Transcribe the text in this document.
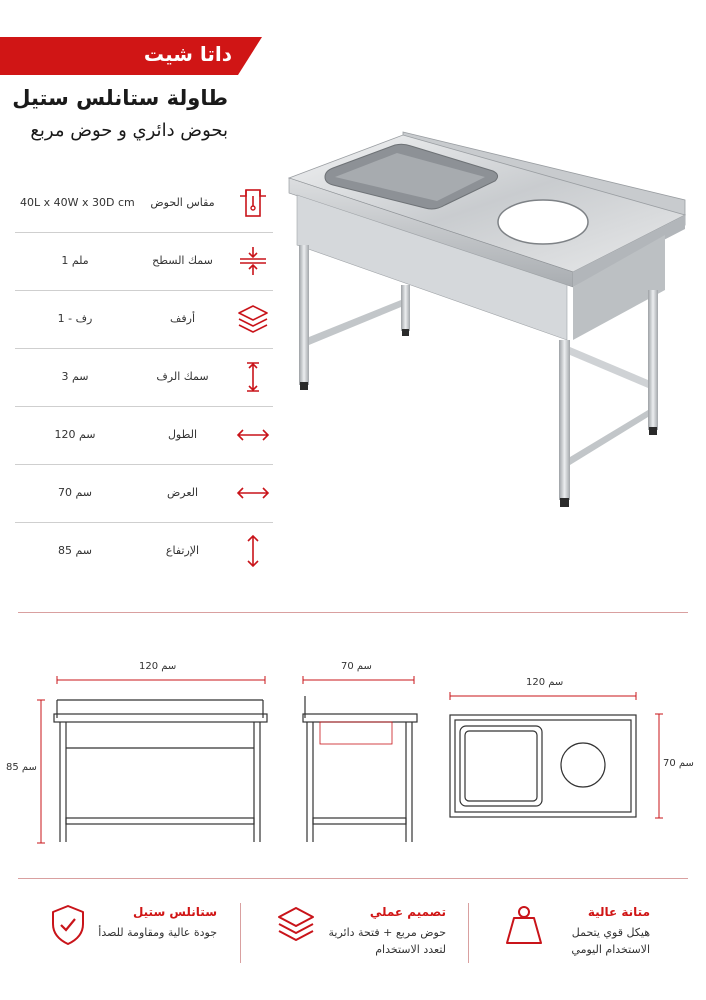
داتا شيت
طاولة ستانلس ستيل
بحوض دائري و حوض مربع
40L x 40W x 30D cm	مقاس الحوض
1 ملم	سمك السطح
1 - رف	أرفف
3 سم	سمك الرف
120 سم	الطول
70 سم	العرض
85 سم	الإرتفاع
120 سم
85 سم
70 سم
120 سم
70 سم
ستانلس ستيل
جودة عالية ومقاومة للصدأ
تصميم عملي
حوض مربع + فتحة دائرية
لتعدد الاستخدام
متانة عالية
هيكل قوي يتحمل
الاستخدام اليومي
